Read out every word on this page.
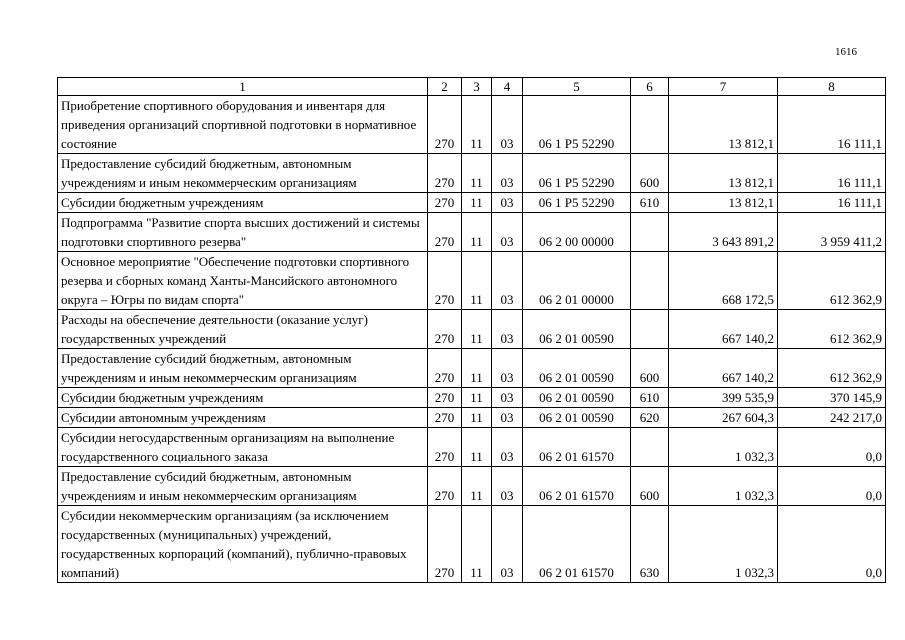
1616
1	2	3	4	5	6	7	8
Приобретение спортивного оборудования и инвентаря для приведения организаций спортивной подготовки в нормативное состояние	270	11	03	06 1 P5 52290		13 812,1	16 111,1
Предоставление субсидий бюджетным, автономным учреждениям и иным некоммерческим организациям	270	11	03	06 1 P5 52290	600	13 812,1	16 111,1
Субсидии бюджетным учреждениям	270	11	03	06 1 P5 52290	610	13 812,1	16 111,1
Подпрограмма "Развитие спорта высших достижений и системы подготовки спортивного резерва"	270	11	03	06 2 00 00000		3 643 891,2	3 959 411,2
Основное мероприятие "Обеспечение подготовки спортивного резерва и сборных команд Ханты-Мансийского автономного округа – Югры по видам спорта"	270	11	03	06 2 01 00000		668 172,5	612 362,9
Расходы на обеспечение деятельности (оказание услуг) государственных учреждений	270	11	03	06 2 01 00590		667 140,2	612 362,9
Предоставление субсидий бюджетным, автономным учреждениям и иным некоммерческим организациям	270	11	03	06 2 01 00590	600	667 140,2	612 362,9
Субсидии бюджетным учреждениям	270	11	03	06 2 01 00590	610	399 535,9	370 145,9
Субсидии автономным учреждениям	270	11	03	06 2 01 00590	620	267 604,3	242 217,0
Субсидии негосударственным организациям на выполнение государственного социального заказа	270	11	03	06 2 01 61570		1 032,3	0,0
Предоставление субсидий бюджетным, автономным учреждениям и иным некоммерческим организациям	270	11	03	06 2 01 61570	600	1 032,3	0,0
Субсидии некоммерческим организациям (за исключением государственных (муниципальных) учреждений, государственных корпораций (компаний), публично-правовых компаний)	270	11	03	06 2 01 61570	630	1 032,3	0,0
